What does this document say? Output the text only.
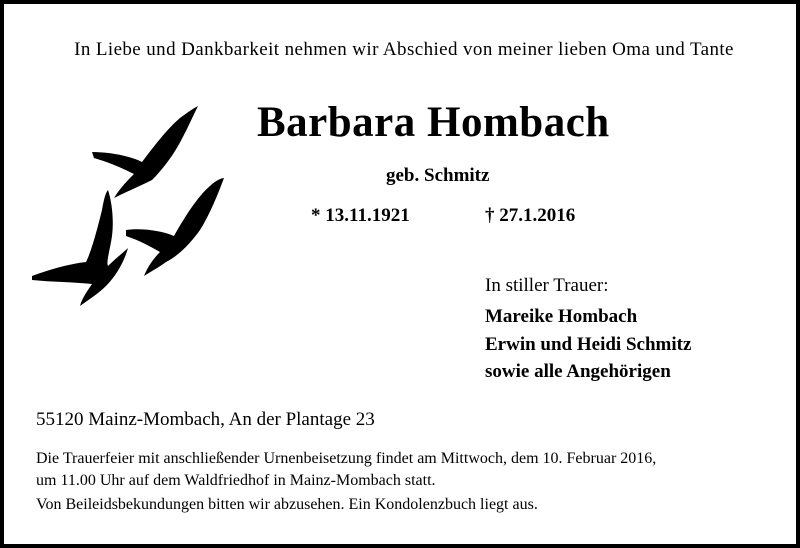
In Liebe und Dankbarkeit nehmen wir Abschied von meiner lieben Oma und Tante
Barbara Hombach
geb. Schmitz
* 13.11.1921	† 27.1.2016
In stiller Trauer:
Mareike Hombach
Erwin und Heidi Schmitz
sowie alle Angehörigen
55120 Mainz-Mombach, An der Plantage 23
Die Trauerfeier mit anschließender Urnenbeisetzung findet am Mittwoch, dem 10. Februar 2016,
um 11.00 Uhr auf dem Waldfriedhof in Mainz-Mombach statt.
Von Beileidsbekundungen bitten wir abzusehen. Ein Kondolenzbuch liegt aus.
